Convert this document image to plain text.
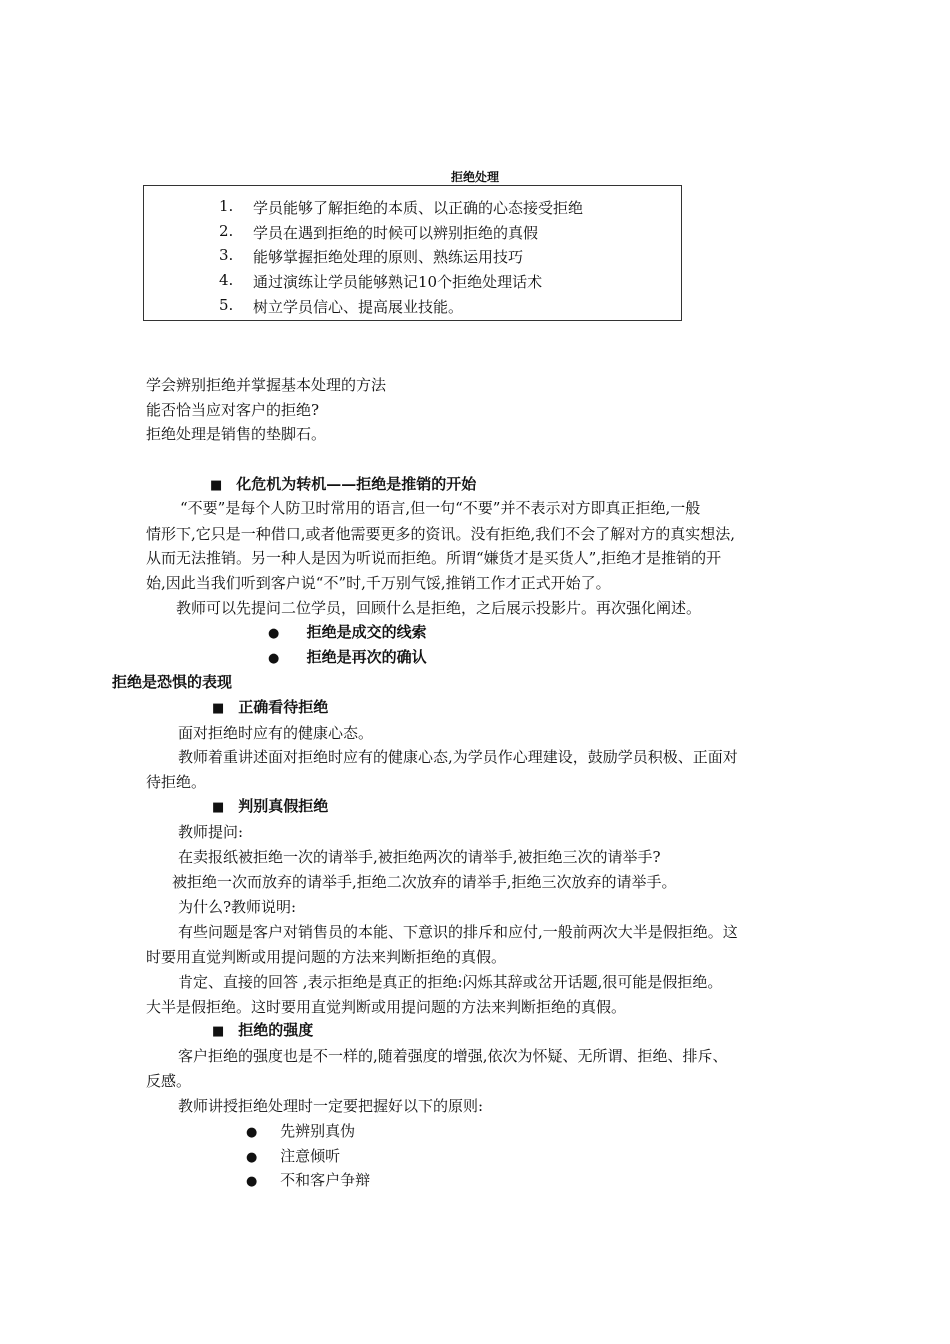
拒绝处理
1. 学员能够了解拒绝的本质、以正确的心态接受拒绝
2. 学员在遇到拒绝的时候可以辨别拒绝的真假
3. 能够掌握拒绝处理的原则、熟练运用技巧
4. 通过演练让学员能够熟记10个拒绝处理话术
5. 树立学员信心、提高展业技能。
学会辨别拒绝并掌握基本处理的方法
能否恰当应对客户的拒绝?
拒绝处理是销售的垫脚石。
■ 化危机为转机——拒绝是推销的开始
“不要”是每个人防卫时常用的语言,但一句“不要”并不表示对方即真正拒绝,一般
情形下,它只是一种借口,或者他需要更多的资讯。没有拒绝,我们不会了解对方的真实想法,
从而无法推销。另一种人是因为听说而拒绝。所谓“嫌货才是买货人”,拒绝才是推销的开
始,因此当我们听到客户说“不”时,千万别气馁,推销工作才正式开始了。
教师可以先提问二位学员，回顾什么是拒绝，之后展示投影片。再次强化阐述。
● 拒绝是成交的线索
● 拒绝是再次的确认
拒绝是恐惧的表现
■ 正确看待拒绝
面对拒绝时应有的健康心态。
教师着重讲述面对拒绝时应有的健康心态,为学员作心理建设，鼓励学员积极、正面对
待拒绝。
■ 判别真假拒绝
教师提问:
在卖报纸被拒绝一次的请举手,被拒绝两次的请举手,被拒绝三次的请举手?
被拒绝一次而放弃的请举手,拒绝二次放弃的请举手,拒绝三次放弃的请举手。
为什么?教师说明:
有些问题是客户对销售员的本能、下意识的排斥和应付,一般前两次大半是假拒绝。这
时要用直觉判断或用提问题的方法来判断拒绝的真假。
肯定、直接的回答 ,表示拒绝是真正的拒绝:闪烁其辞或岔开话题,很可能是假拒绝。
大半是假拒绝。这时要用直觉判断或用提问题的方法来判断拒绝的真假。
■ 拒绝的强度
客户拒绝的强度也是不一样的,随着强度的增强,依次为怀疑、无所谓、拒绝、排斥、
反感。
教师讲授拒绝处理时一定要把握好以下的原则:
● 先辨别真伪
● 注意倾听
● 不和客户争辩
